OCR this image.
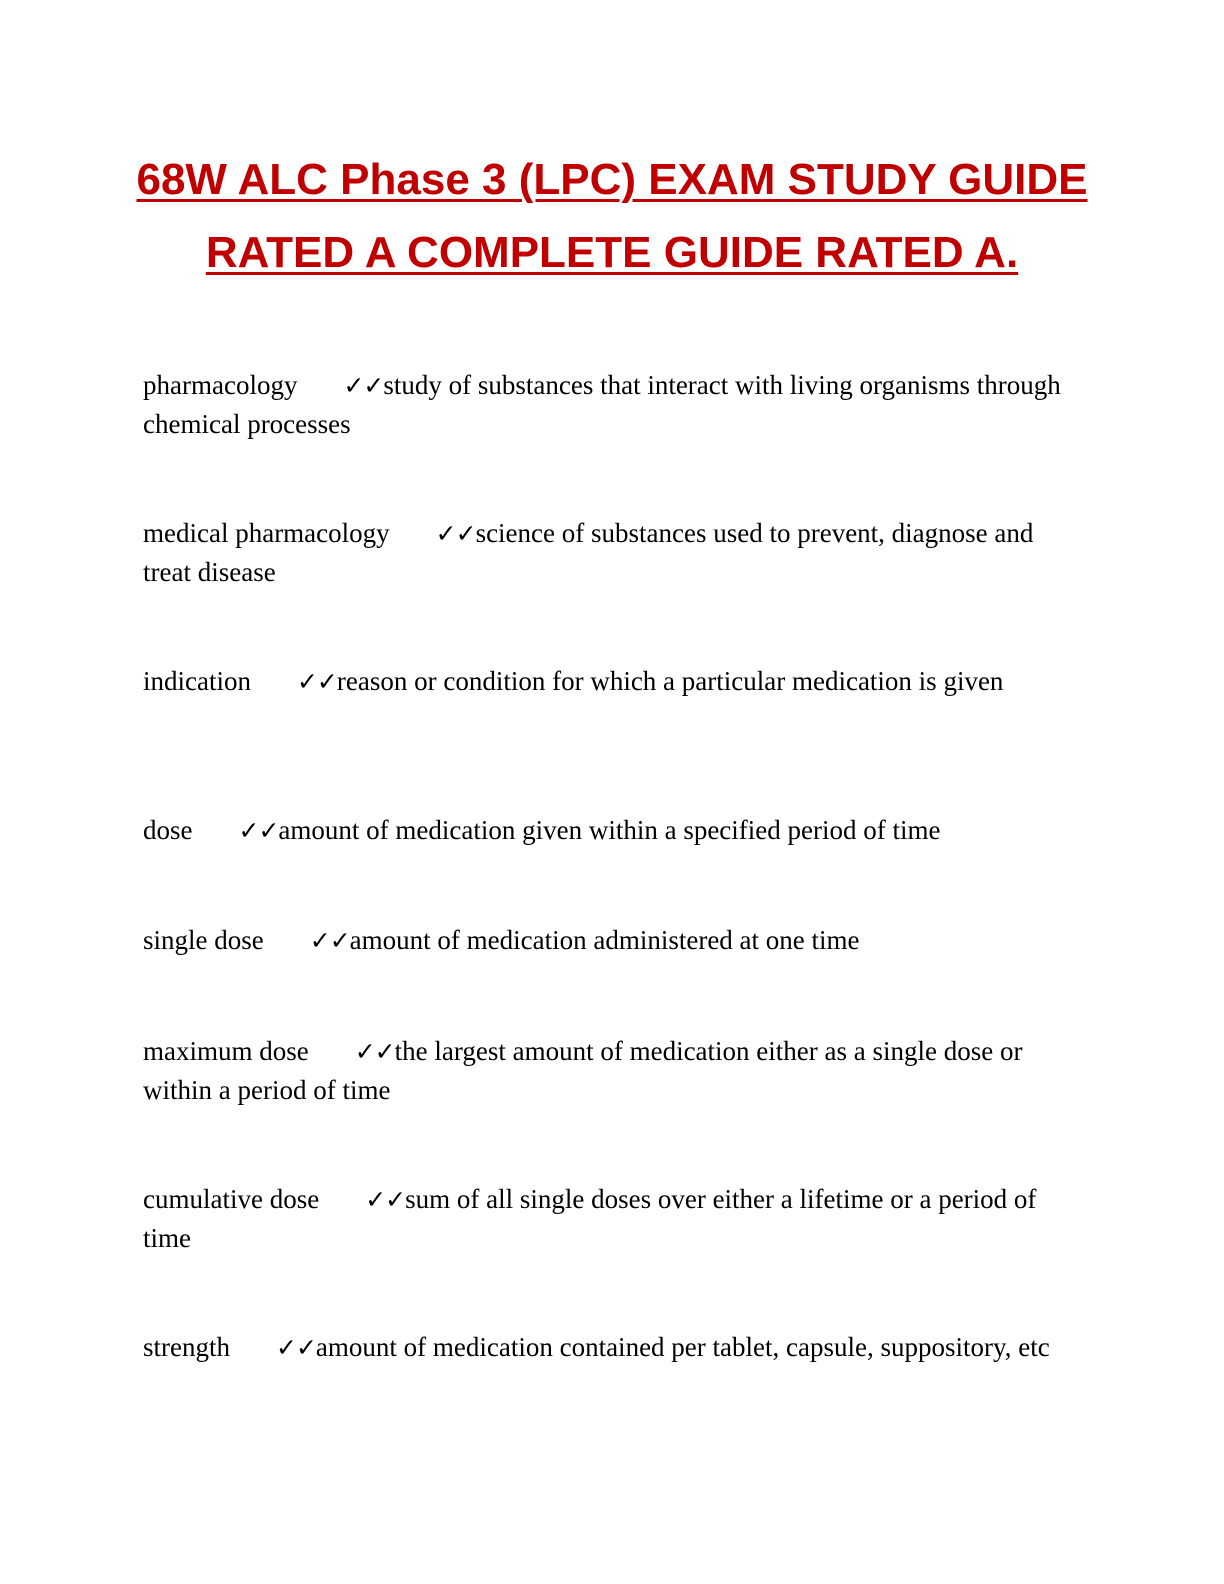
68W ALC Phase 3 (LPC) EXAM STUDY GUIDE RATED A COMPLETE GUIDE RATED A.
pharmacology ✓✓study of substances that interact with living organisms through chemical processes
medical pharmacology ✓✓science of substances used to prevent, diagnose and treat disease
indication ✓✓reason or condition for which a particular medication is given
dose ✓✓amount of medication given within a specified period of time
single dose ✓✓amount of medication administered at one time
maximum dose ✓✓the largest amount of medication either as a single dose or within a period of time
cumulative dose ✓✓sum of all single doses over either a lifetime or a period of time
strength ✓✓amount of medication contained per tablet, capsule, suppository, etc
